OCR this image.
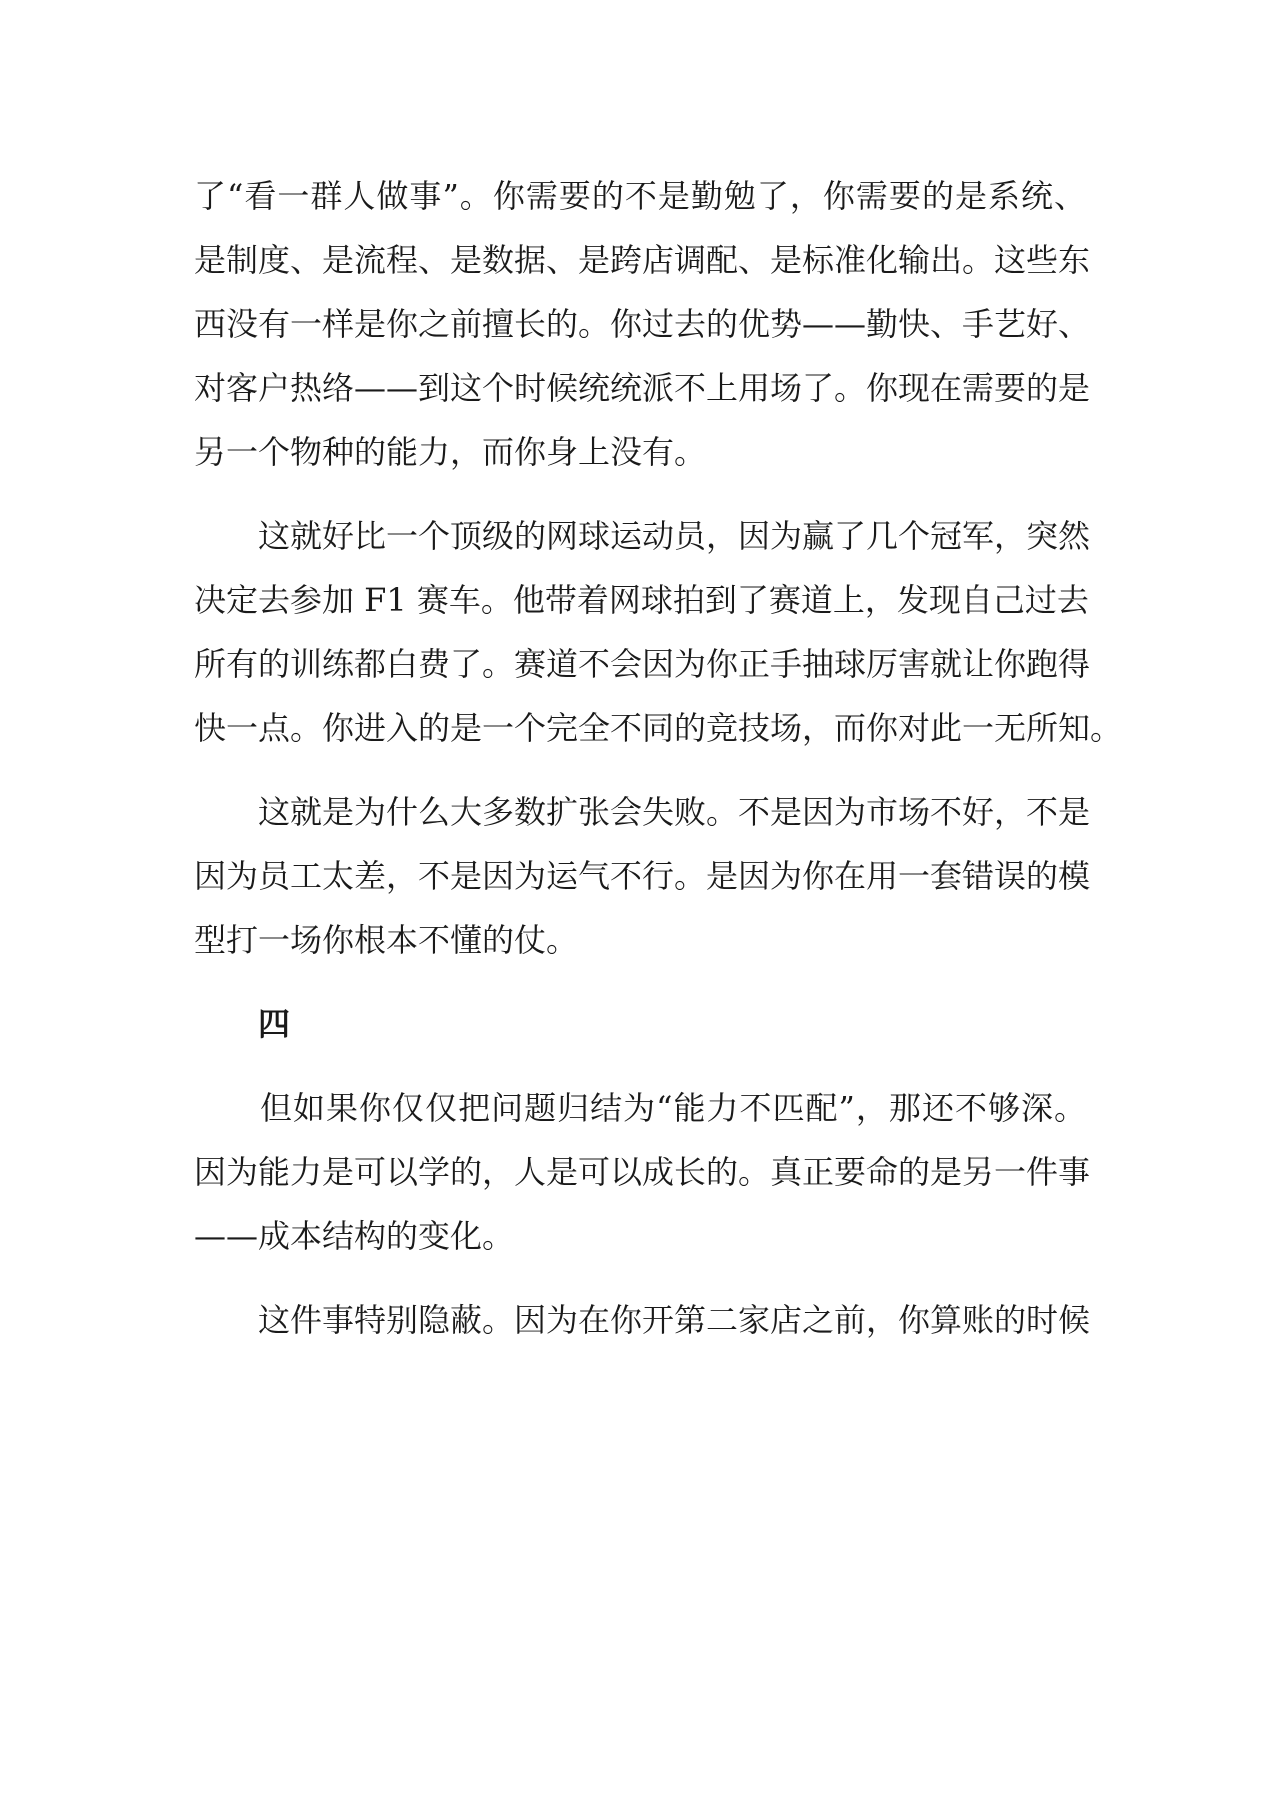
了“看一群人做事”。你需要的不是勤勉了，你需要的是系统、
是制度、是流程、是数据、是跨店调配、是标准化输出。这些东
西没有一样是你之前擅长的。你过去的优势——勤快、手艺好、
对客户热络——到这个时候统统派不上用场了。你现在需要的是
另一个物种的能力，而你身上没有。
　　这就好比一个顶级的网球运动员，因为赢了几个冠军，突然
决定去参加 F1 赛车。他带着网球拍到了赛道上，发现自己过去
所有的训练都白费了。赛道不会因为你正手抽球厉害就让你跑得
快一点。你进入的是一个完全不同的竞技场，而你对此一无所知。
　　这就是为什么大多数扩张会失败。不是因为市场不好，不是
因为员工太差，不是因为运气不行。是因为你在用一套错误的模
型打一场你根本不懂的仗。
四
　　但如果你仅仅把问题归结为“能力不匹配”，那还不够深。
因为能力是可以学的，人是可以成长的。真正要命的是另一件事
——成本结构的变化。
　　这件事特别隐蔽。因为在你开第二家店之前，你算账的时候
